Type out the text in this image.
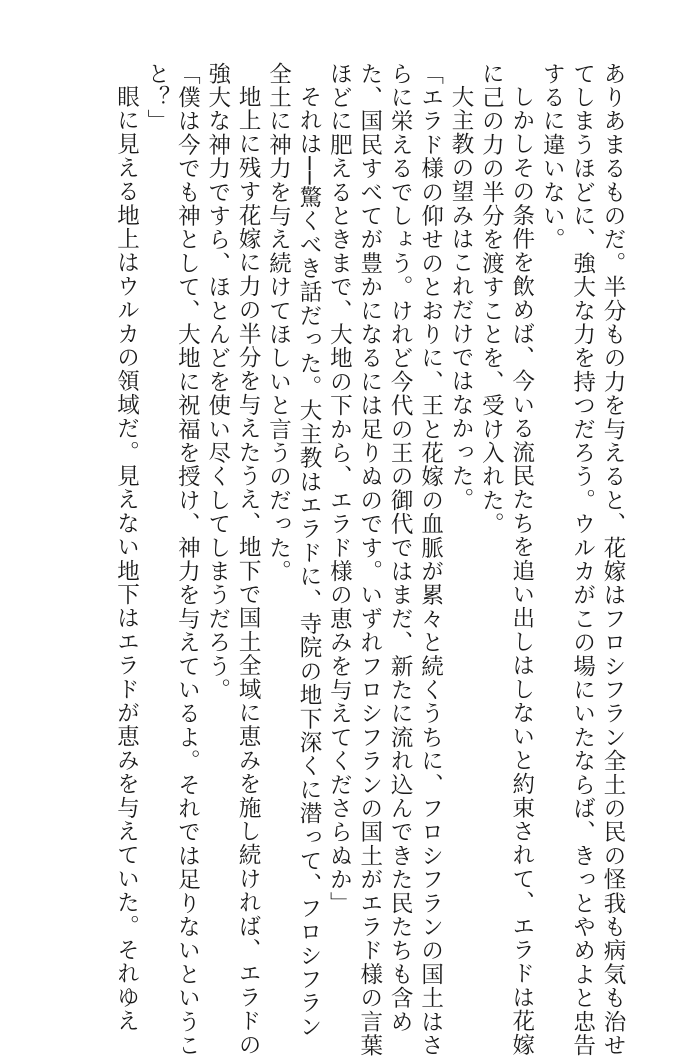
ありあまるものだ。半分もの力を与えると、花嫁はフロシフラン全土の民の怪我も病気も治せ
てしまうほどに、強大な力を持つだろう。ウルカがこの場にいたならば、きっとやめよと忠告
するに違いない。
しかしその条件を飲めば、今いる流民たちを追い出しはしないと約束されて、エラドは花嫁
に己の力の半分を渡すことを、受け入れた。
大主教の望みはこれだけではなかった。
「エラド様の仰せのとおりに、王と花嫁の血脈が累々と続くうちに、フロシフランの国土はさ
らに栄えるでしょう。けれど今代の王の御代ではまだ、新たに流れ込んできた民たちも含め
た、国民すべてが豊かになるには足りぬのです。いずれフロシフランの国土がエラド様の言葉
ほどに肥えるときまで、大地の下から、エラド様の恵みを与えてくださらぬか」
それは──驚くべき話だった。大主教はエラドに、寺院の地下深くに潜って、フロシフラン
全土に神力を与え続けてほしいと言うのだった。
地上に残す花嫁に力の半分を与えたうえ、地下で国土全域に恵みを施し続ければ、エラドの
強大な神力ですら、ほとんどを使い尽くしてしまうだろう。
「僕は今でも神として、大地に祝福を授け、神力を与えているよ。それでは足りないというこ
と？」
眼に見える地上はウルカの領域だ。見えない地下はエラドが恵みを与えていた。それゆえ
